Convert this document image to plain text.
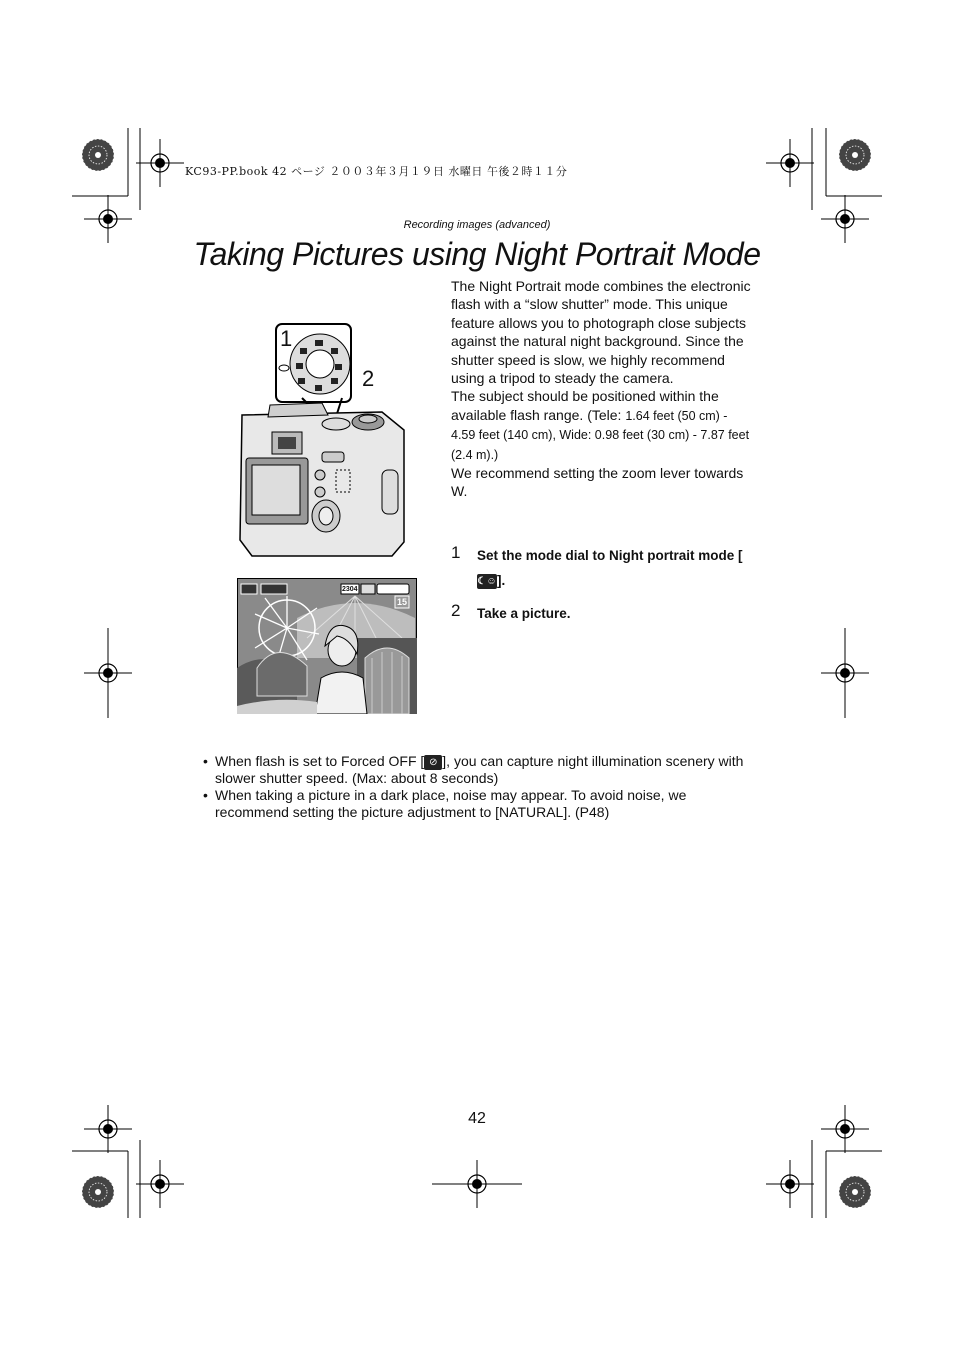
KC93-PP.book 42 ページ ２００３年３月１９日 水曜日 午後２時１１分
Recording images (advanced)
Taking Pictures using Night Portrait Mode
1
2
2304
15

The Night Portrait mode combines the electronic flash with a “slow shutter” mode. This unique feature allows you to photograph close subjects against the natural night background. Since the shutter speed is slow, we highly recommend using a tripod to steady the camera.

The subject should be positioned within the available flash range. (Tele: 1.64 feet (50 cm) - 4.59 feet (140 cm), Wide: 0.98 feet (30 cm) - 7.87 feet (2.4 m).)

We recommend setting the zoom lever towards W.

1 Set the mode dial to Night portrait mode [☾☺].
2 Take a picture.
• When flash is set to Forced OFF [ ⊘ ], you can capture night illumination scenery with slower shutter speed. (Max: about 8 seconds)
• When taking a picture in a dark place, noise may appear. To avoid noise, we recommend setting the picture adjustment to [NATURAL]. (P48)
42
